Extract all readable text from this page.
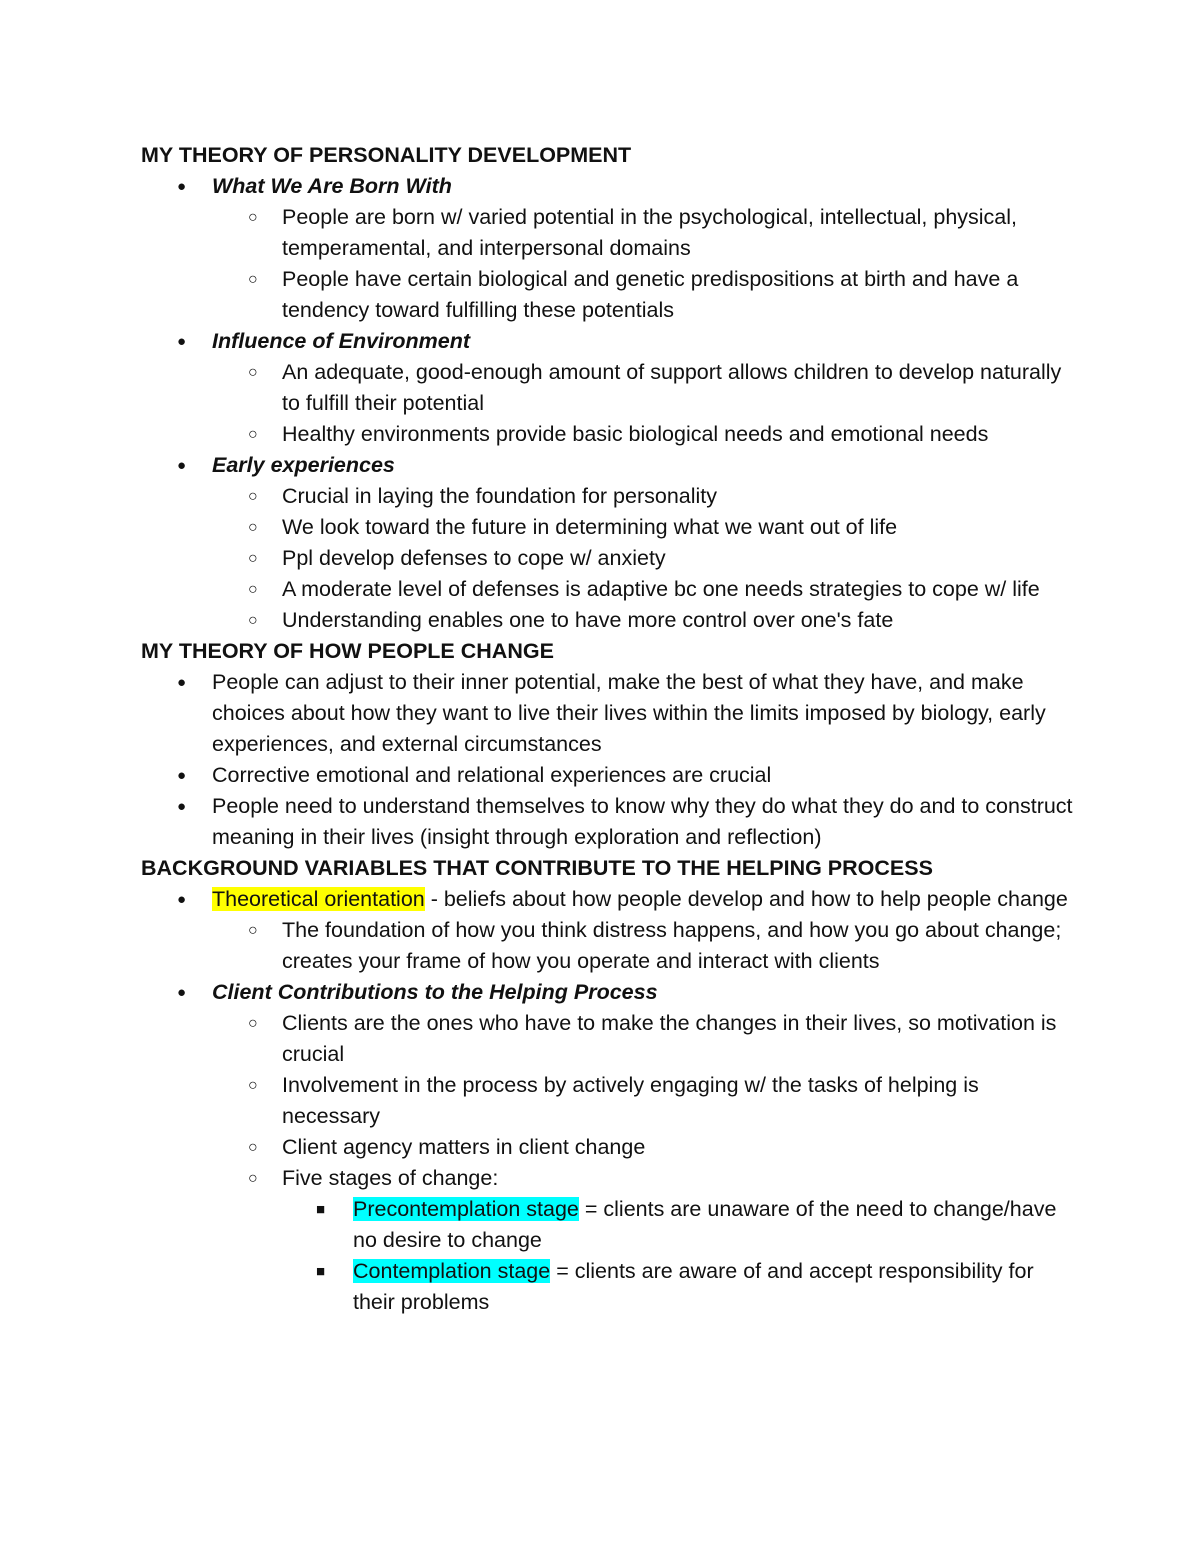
MY THEORY OF PERSONALITY DEVELOPMENT
● What We Are Born With
○ People are born w/ varied potential in the psychological, intellectual, physical, temperamental, and interpersonal domains
○ People have certain biological and genetic predispositions at birth and have a tendency toward fulfilling these potentials
● Influence of Environment
○ An adequate, good-enough amount of support allows children to develop naturally to fulfill their potential
○ Healthy environments provide basic biological needs and emotional needs
● Early experiences
○ Crucial in laying the foundation for personality
○ We look toward the future in determining what we want out of life
○ Ppl develop defenses to cope w/ anxiety
○ A moderate level of defenses is adaptive bc one needs strategies to cope w/ life
○ Understanding enables one to have more control over one's fate
MY THEORY OF HOW PEOPLE CHANGE
● People can adjust to their inner potential, make the best of what they have, and make choices about how they want to live their lives within the limits imposed by biology, early experiences, and external circumstances
● Corrective emotional and relational experiences are crucial
● People need to understand themselves to know why they do what they do and to construct meaning in their lives (insight through exploration and reflection)
BACKGROUND VARIABLES THAT CONTRIBUTE TO THE HELPING PROCESS
● Theoretical orientation - beliefs about how people develop and how to help people change
○ The foundation of how you think distress happens, and how you go about change; creates your frame of how you operate and interact with clients
● Client Contributions to the Helping Process
○ Clients are the ones who have to make the changes in their lives, so motivation is crucial
○ Involvement in the process by actively engaging w/ the tasks of helping is necessary
○ Client agency matters in client change
○ Five stages of change:
■ Precontemplation stage = clients are unaware of the need to change/have no desire to change
■ Contemplation stage = clients are aware of and accept responsibility for their problems
